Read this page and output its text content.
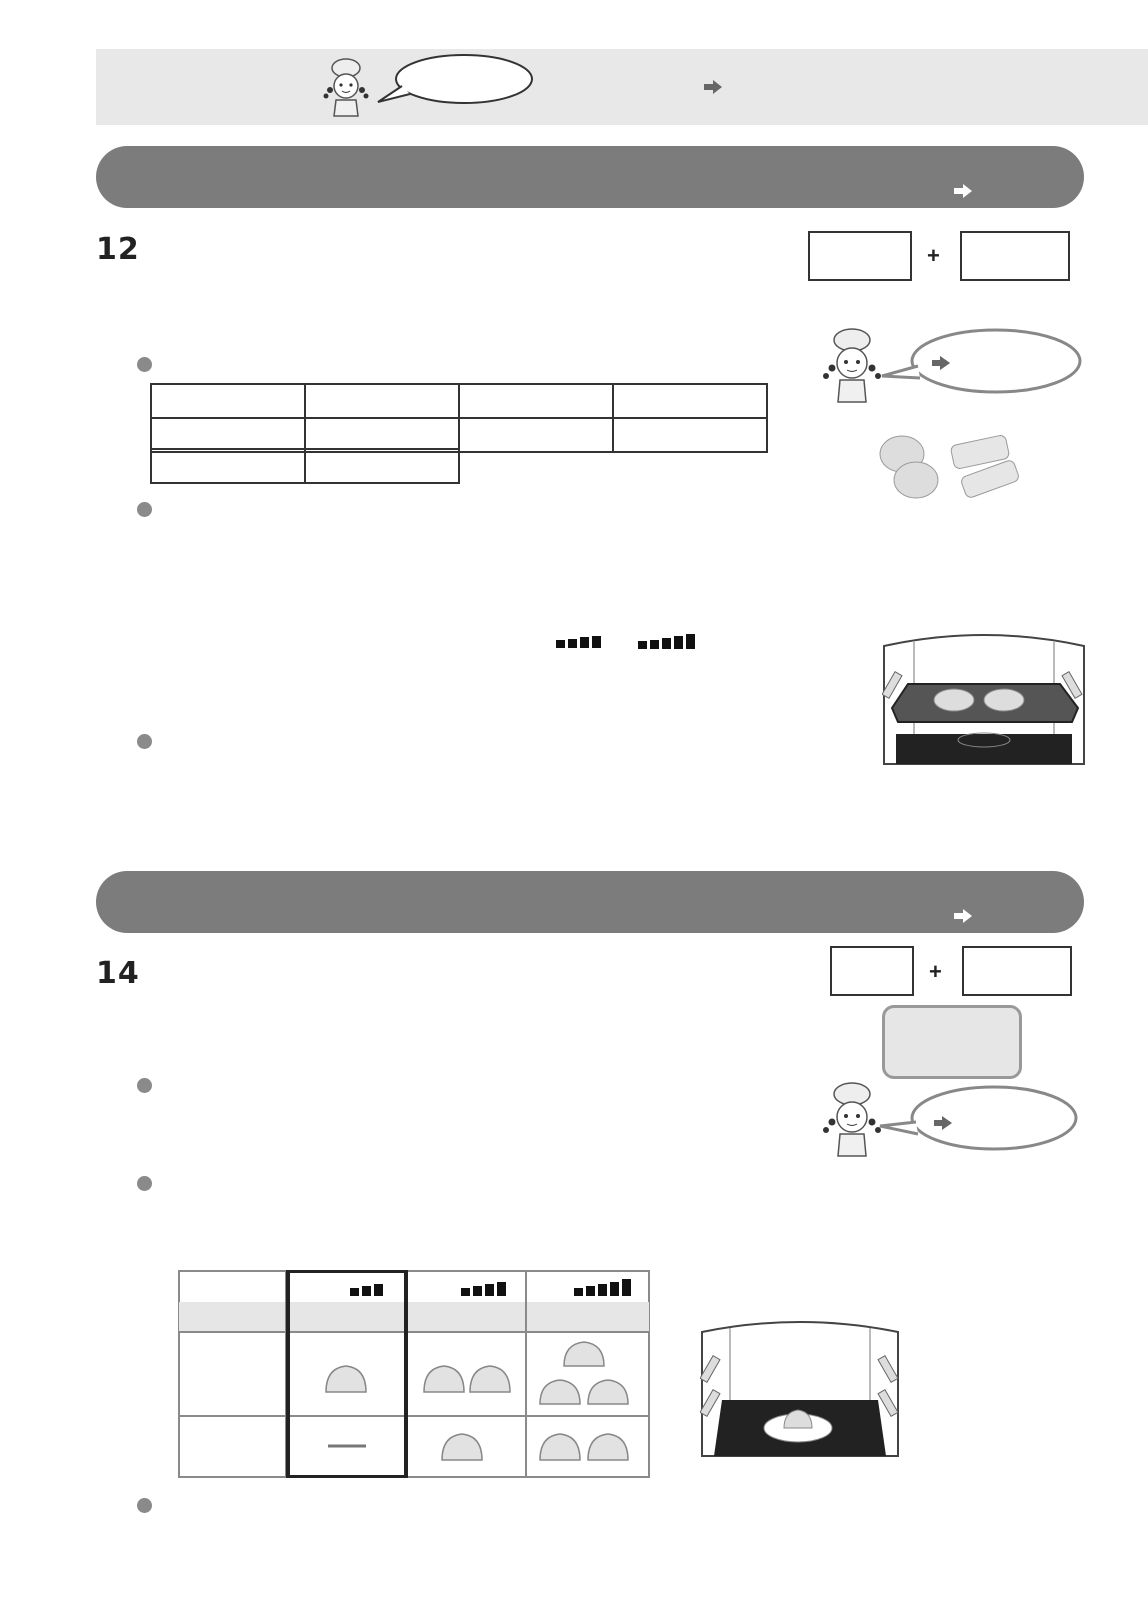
12	+

14	+
